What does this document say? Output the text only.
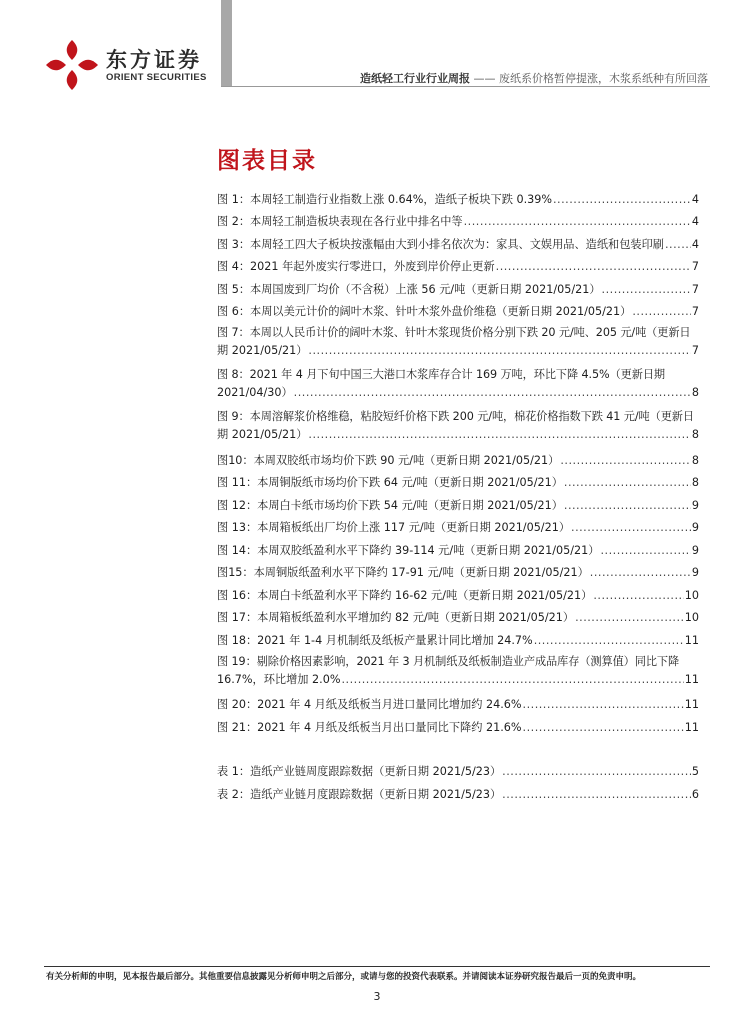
东方证券
ORIENT SECURITIES	造纸轻工行业行业周报 —— 废纸系价格暂停提涨，木浆系纸种有所回落
图表目录
图 1：本周轻工制造行业指数上涨 0.64%，造纸子板块下跌 0.39% .....	4
图 2：本周轻工制造板块表现在各行业中排名中等 .....	4
图 3：本周轻工四大子板块按涨幅由大到小排名依次为：家具、文娱用品、造纸和包装印刷 ..... 4
图 4：2021 年起外废实行零进口，外废到岸价停止更新 .....	7
图 5：本周国废到厂均价（不含税）上涨 56 元/吨（更新日期 2021/05/21） .....	7
图 6：本周以美元计价的阔叶木浆、针叶木浆外盘价维稳（更新日期 2021/05/21） .....	7
图 7：本周以人民币计价的阔叶木浆、针叶木浆现货价格分别下跌 20 元/吨、205 元/吨（更新日
期 2021/05/21） .....	7
图 8：2021 年 4 月下旬中国三大港口木浆库存合计 169 万吨，环比下降 4.5%（更新日期
2021/04/30） .....	8
图 9：本周溶解浆价格维稳，粘胶短纤价格下跌 200 元/吨，棉花价格指数下跌 41 元/吨（更新日
期 2021/05/21） .....	8
图10：本周双胶纸市场均价下跌 90 元/吨（更新日期 2021/05/21） .....	8
图 11：本周铜版纸市场均价下跌 64 元/吨（更新日期 2021/05/21） .....	8
图 12：本周白卡纸市场均价下跌 54 元/吨（更新日期 2021/05/21） .....	9
图 13：本周箱板纸出厂均价上涨 117 元/吨（更新日期 2021/05/21） .....	9
图 14：本周双胶纸盈利水平下降约 39-114 元/吨（更新日期 2021/05/21） .....	9
图15：本周铜版纸盈利水平下降约 17-91 元/吨（更新日期 2021/05/21） .....	9
图 16：本周白卡纸盈利水平下降约 16-62 元/吨（更新日期 2021/05/21） .....	10
图 17：本周箱板纸盈利水平增加约 82 元/吨（更新日期 2021/05/21） .....	10
图 18：2021 年 1-4 月机制纸及纸板产量累计同比增加 24.7% .....	11
图 19：剔除价格因素影响，2021 年 3 月机制纸及纸板制造业产成品库存（测算值）同比下降
16.7%，环比增加 2.0% .....	11
图 20：2021 年 4 月纸及纸板当月进口量同比增加约 24.6% .....	11
图 21：2021 年 4 月纸及纸板当月出口量同比下降约 21.6% .....	11
表 1：造纸产业链周度跟踪数据（更新日期 2021/5/23） .....	5
表 2：造纸产业链月度跟踪数据（更新日期 2021/5/23） .....	6
有关分析师的申明，见本报告最后部分。其他重要信息披露见分析师申明之后部分，或请与您的投资代表联系。并请阅读本证券研究报告最后一页的免责申明。
3
